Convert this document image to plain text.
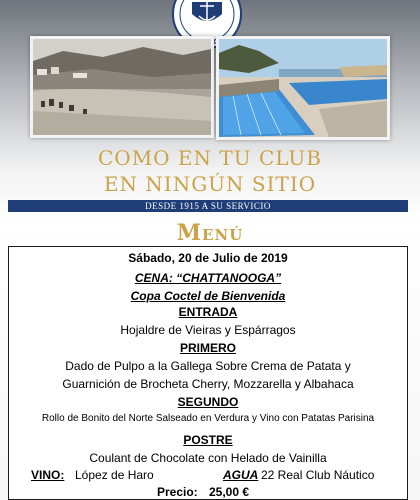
COMO EN TU CLUB
EN NINGÚN SITIO
DESDE 1915 A SU SERVICIO
Menú
Sábado, 20 de Julio de 2019
CENA: “CHATTANOOGA”
Copa Coctel de Bienvenida
ENTRADA
Hojaldre de Vieiras y Espárragos
PRIMERO
Dado de Pulpo a la Gallega Sobre Crema de Patata y
Guarnición de Brocheta Cherry, Mozzarella y Albahaca
SEGUNDO
Rollo de Bonito del Norte Salseado en Verdura y Vino con Patatas Parisina
POSTRE
Coulant de Chocolate con Helado de Vainilla
VINO: López de Haro	AGUA 22 Real Club Náutico
Precio: 25,00 €
